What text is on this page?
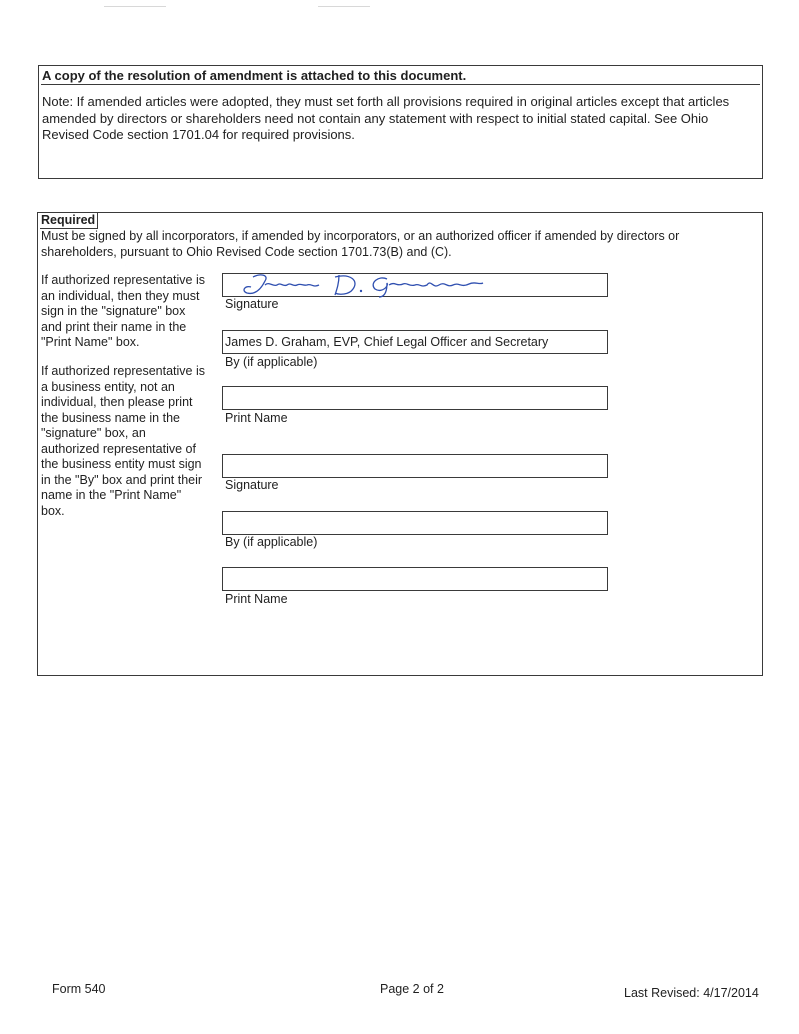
A copy of the resolution of amendment is attached to this document.
Note: If amended articles were adopted, they must set forth all provisions required in original articles except that articles amended by directors or shareholders need not contain any statement with respect to initial stated capital. See Ohio Revised Code section 1701.04 for required provisions.
Required
Must be signed by all incorporators, if amended by incorporators, or an authorized officer if amended by directors or shareholders, pursuant to Ohio Revised Code section 1701.73(B) and (C).
If authorized representative is an individual, then they must sign in the "signature" box and print their name in the "Print Name" box.
If authorized representative is a business entity, not an individual, then please print the business name in the "signature" box, an authorized representative of the business entity must sign in the "By" box and print their name in the "Print Name" box.
Signature
James D. Graham, EVP, Chief Legal Officer and Secretary
By (if applicable)
Print Name
Signature
By (if applicable)
Print Name
Form 540	Page 2 of 2	Last Revised: 4/17/2014
